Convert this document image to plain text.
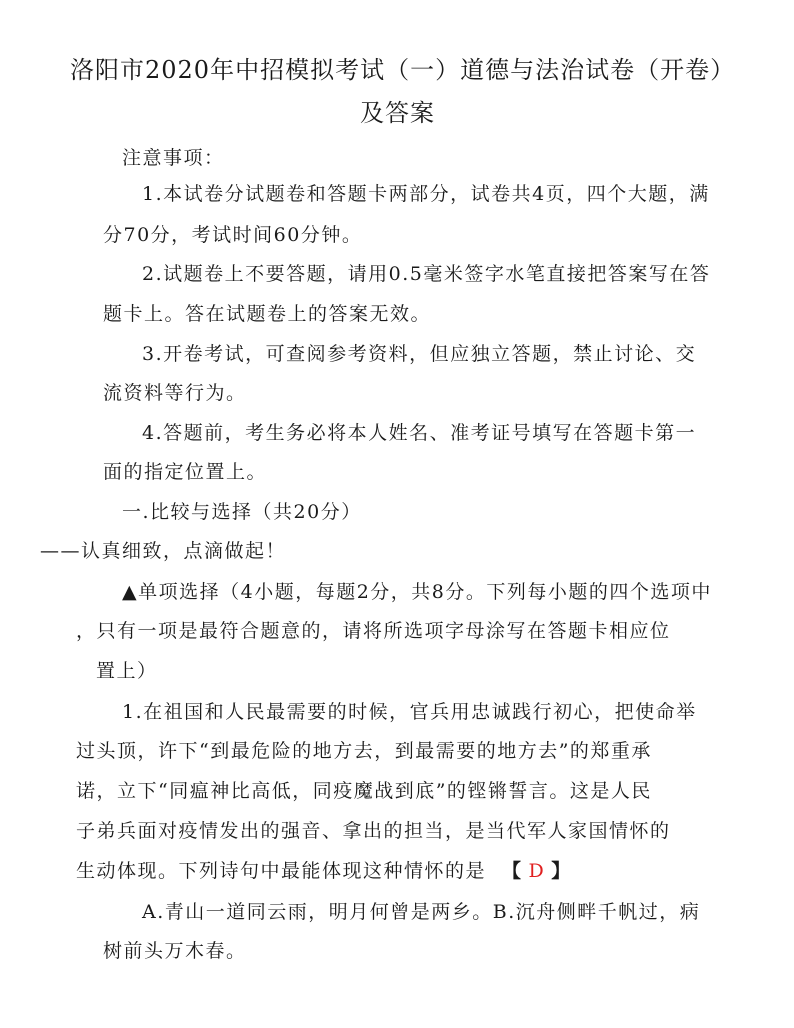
洛阳市2020年中招模拟考试（一）道德与法治试卷（开卷）
及答案
注意事项：
1.本试卷分试题卷和答题卡两部分，试卷共4页，四个大题，满
分70分，考试时间60分钟。
2.试题卷上不要答题，请用0.5毫米签字水笔直接把答案写在答
题卡上。答在试题卷上的答案无效。
3.开卷考试，可查阅参考资料，但应独立答题，禁止讨论、交
流资料等行为。
4.答题前，考生务必将本人姓名、准考证号填写在答题卡第一
面的指定位置上。
一.比较与选择（共20分）
——认真细致，点滴做起！
▲单项选择（4小题，每题2分，共8分。下列每小题的四个选项中
，只有一项是最符合题意的，请将所选项字母涂写在答题卡相应位
置上）
1.在祖国和人民最需要的时候，官兵用忠诚践行初心，把使命举
过头顶，许下“到最危险的地方去，到最需要的地方去”的郑重承
诺，立下“同瘟神比高低，同疫魔战到底”的铿锵誓言。这是人民
子弟兵面对疫情发出的强音、拿出的担当，是当代军人家国情怀的
生动体现。下列诗句中最能体现这种情怀的是 【 D 】
A.青山一道同云雨，明月何曾是两乡。B.沉舟侧畔千帆过，病
树前头万木春。
